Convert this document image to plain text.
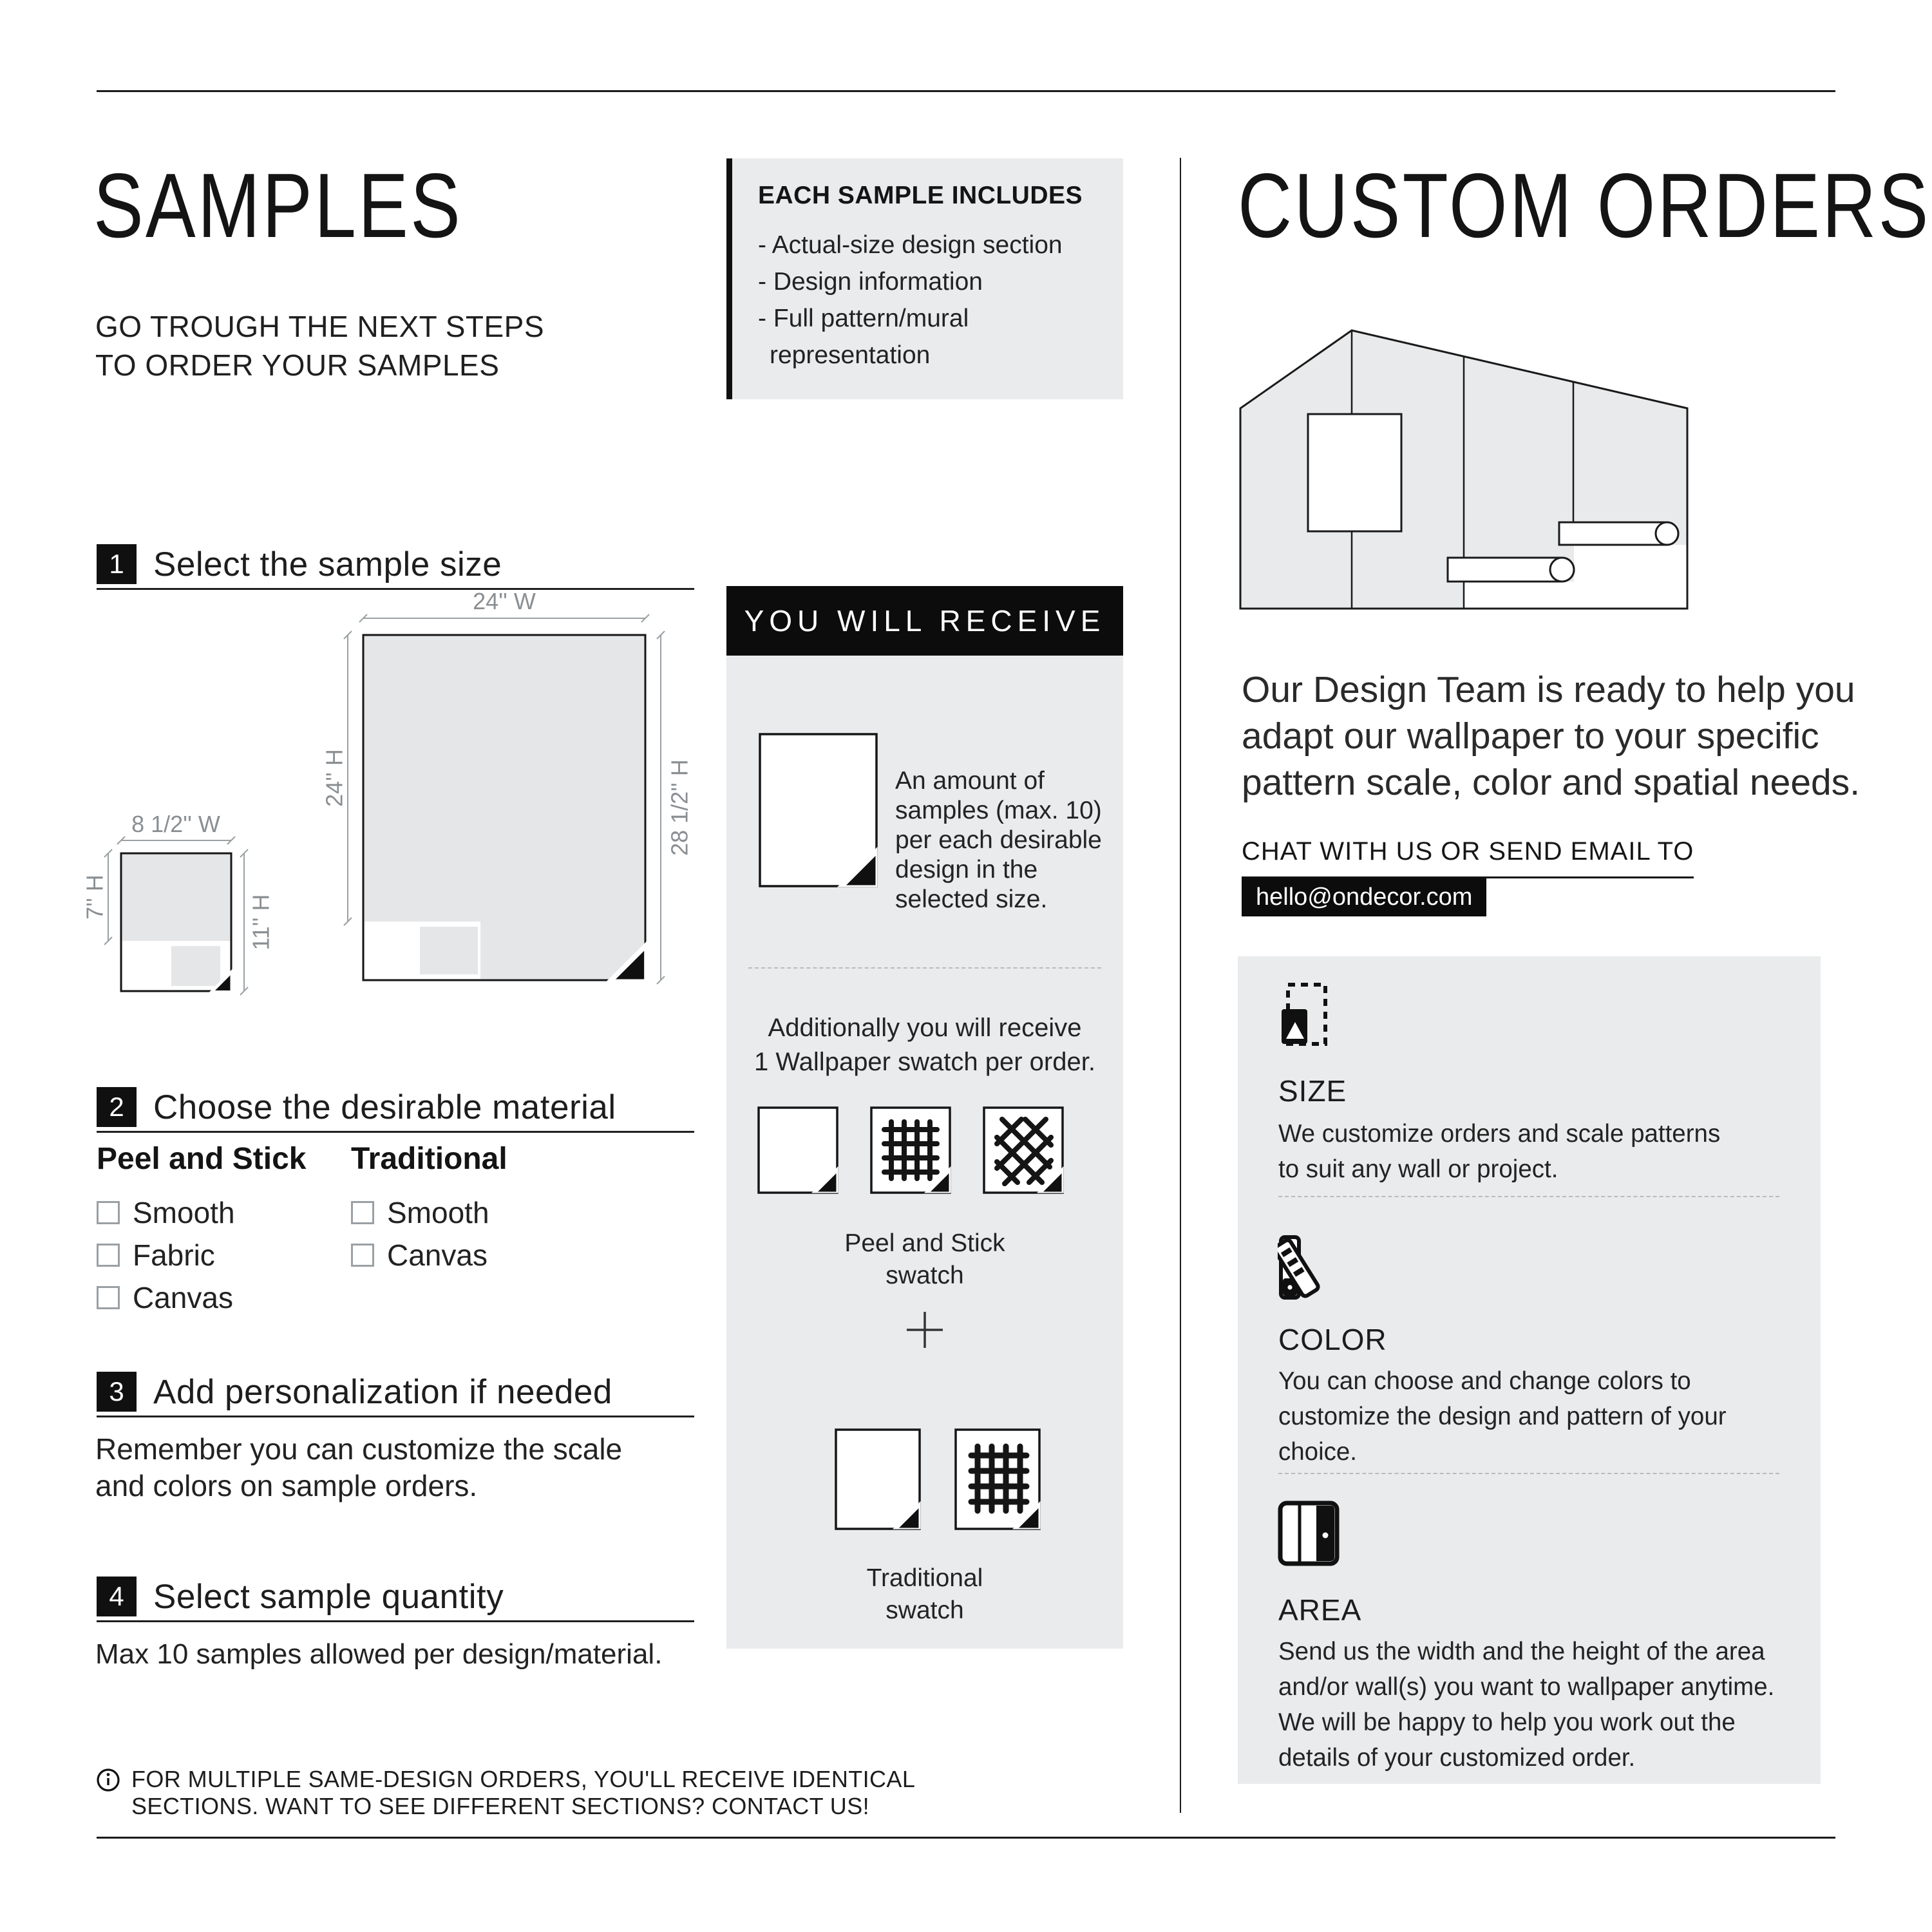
SAMPLES
GO TROUGH THE NEXT STEPS
TO ORDER YOUR SAMPLES
1 Select the sample size
8 1/2'' W
7'' H	11'' H
24'' W
24'' H	28 1/2'' H
2 Choose the desirable material
Peel and Stick
Smooth
Fabric
Canvas
Traditional
Smooth
Canvas
3 Add personalization if needed
Remember you can customize the scale
and colors on sample orders.
4 Select sample quantity
Max 10 samples allowed per design/material.
FOR MULTIPLE SAME-DESIGN ORDERS, YOU'LL RECEIVE IDENTICAL
SECTIONS. WANT TO SEE DIFFERENT SECTIONS? CONTACT US!
EACH SAMPLE INCLUDES
- Actual-size design section
- Design information
- Full pattern/mural
representation
YOU WILL RECEIVE
An amount of
samples (max. 10)
per each desirable
design in the
selected size.
Additionally you will receive
1 Wallpaper swatch per order.
Peel and Stick
swatch
Traditional
swatch
CUSTOM ORDERS
Our Design Team is ready to help you
adapt our wallpaper to your specific
pattern scale, color and spatial needs.
CHAT WITH US OR SEND EMAIL TO
hello@ondecor.com
SIZE
We customize orders and scale patterns
to suit any wall or project.
COLOR
You can choose and change colors to
customize the design and pattern of your
choice.
AREA
Send us the width and the height of the area
and/or wall(s) you want to wallpaper anytime.
We will be happy to help you work out the
details of your customized order.
